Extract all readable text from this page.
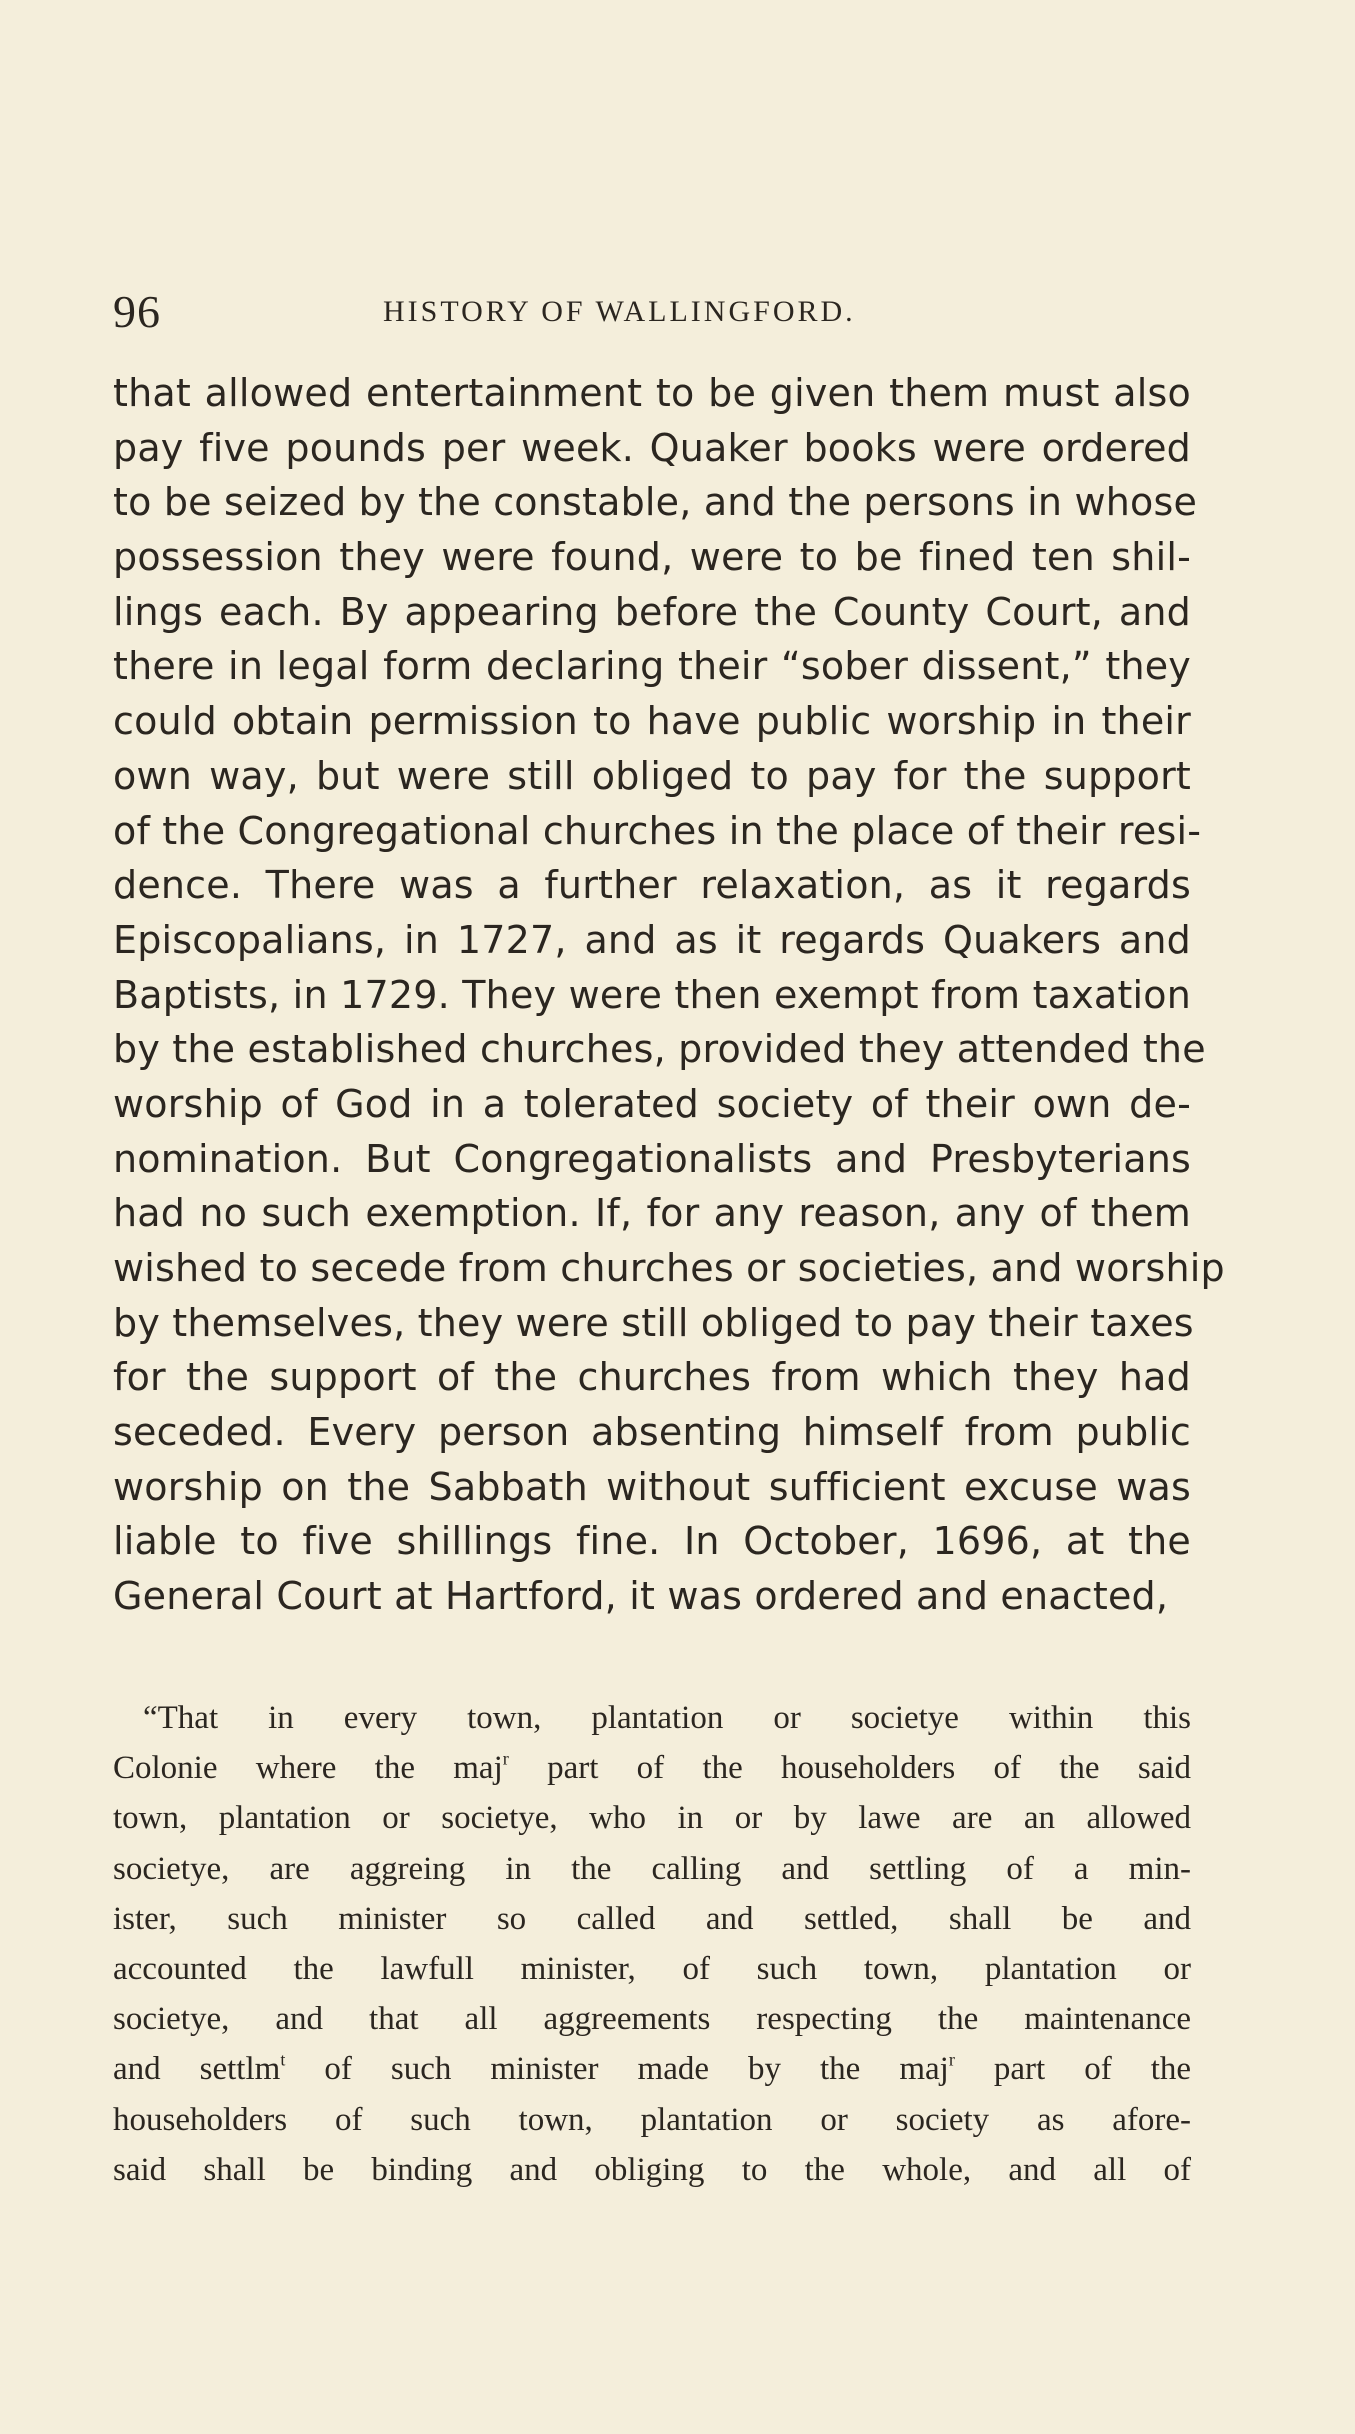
96	HISTORY OF WALLINGFORD.
that allowed entertainment to be given them must also
pay five pounds per week. Quaker books were ordered
to be seized by the constable, and the persons in whose
possession they were found, were to be fined ten shil-
lings each. By appearing before the County Court, and
there in legal form declaring their “sober dissent,” they
could obtain permission to have public worship in their
own way, but were still obliged to pay for the support
of the Congregational churches in the place of their resi-
dence. There was a further relaxation, as it regards
Episcopalians, in 1727, and as it regards Quakers and
Baptists, in 1729. They were then exempt from taxation
by the established churches, provided they attended the
worship of God in a tolerated society of their own de-
nomination. But Congregationalists and Presbyterians
had no such exemption. If, for any reason, any of them
wished to secede from churches or societies, and worship
by themselves, they were still obliged to pay their taxes
for the support of the churches from which they had
seceded. Every person absenting himself from public
worship on the Sabbath without sufficient excuse was
liable to five shillings fine. In October, 1696, at the
General Court at Hartford, it was ordered and enacted,
“That in every town, plantation or societye within this
Colonie where the maj$^r$ part of the householders of the said
town, plantation or societye, who in or by lawe are an allowed
societye, are aggreing in the calling and settling of a min-
ister, such minister so called and settled, shall be and
accounted the lawfull minister, of such town, plantation or
societye, and that all aggreements respecting the maintenance
and settlm$^t$ of such minister made by the maj$^r$ part of the
householders of such town, plantation or society as afore-
said shall be binding and obliging to the whole, and all of
